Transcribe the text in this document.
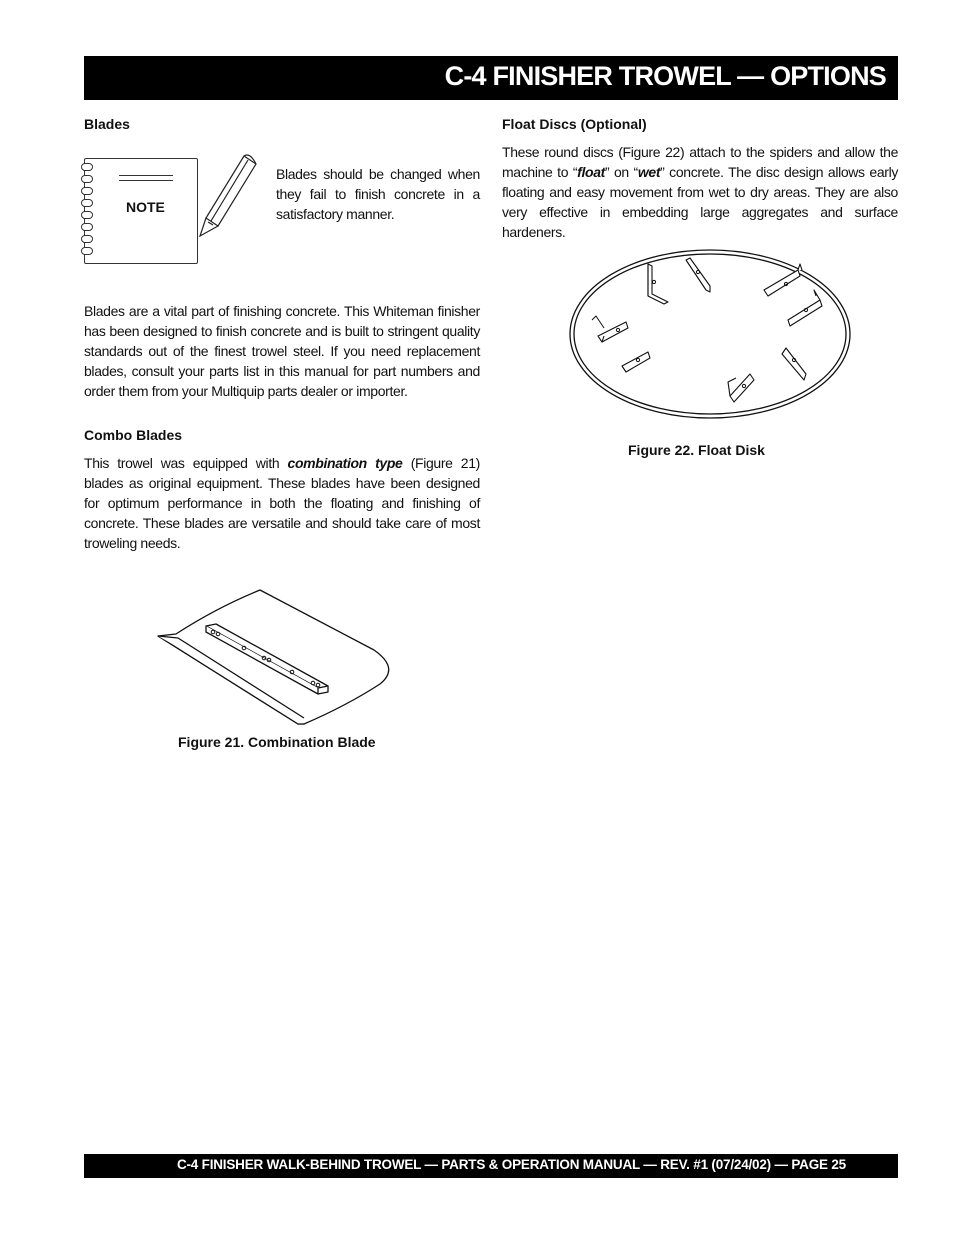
C-4 FINISHER TROWEL — OPTIONS
Blades
NOTE

Blades should be changed when they fail to finish concrete in a satisfactory manner.

Blades are a vital part of finishing concrete. This Whiteman finisher has been designed to finish concrete and is built to stringent quality standards out of the finest trowel steel. If you need replacement blades, consult your parts list in this manual for part numbers and order them from your Multiquip parts dealer or importer.

Combo Blades

This trowel was equipped with combination type (Figure 21) blades as original equipment. These blades have been designed for optimum performance in both the floating and finishing of concrete. These blades are versatile and should take care of most troweling needs.

Figure 21. Combination Blade
Float Discs (Optional)

These round discs (Figure 22) attach to the spiders and allow the machine to “float” on “wet” concrete. The disc design allows early floating and easy movement from wet to dry areas. They are also very effective in embedding large aggregates and surface hardeners.

Figure 22. Float Disk
C-4 FINISHER WALK-BEHIND TROWEL — PARTS & OPERATION MANUAL — REV. #1 (07/24/02) — PAGE 25
